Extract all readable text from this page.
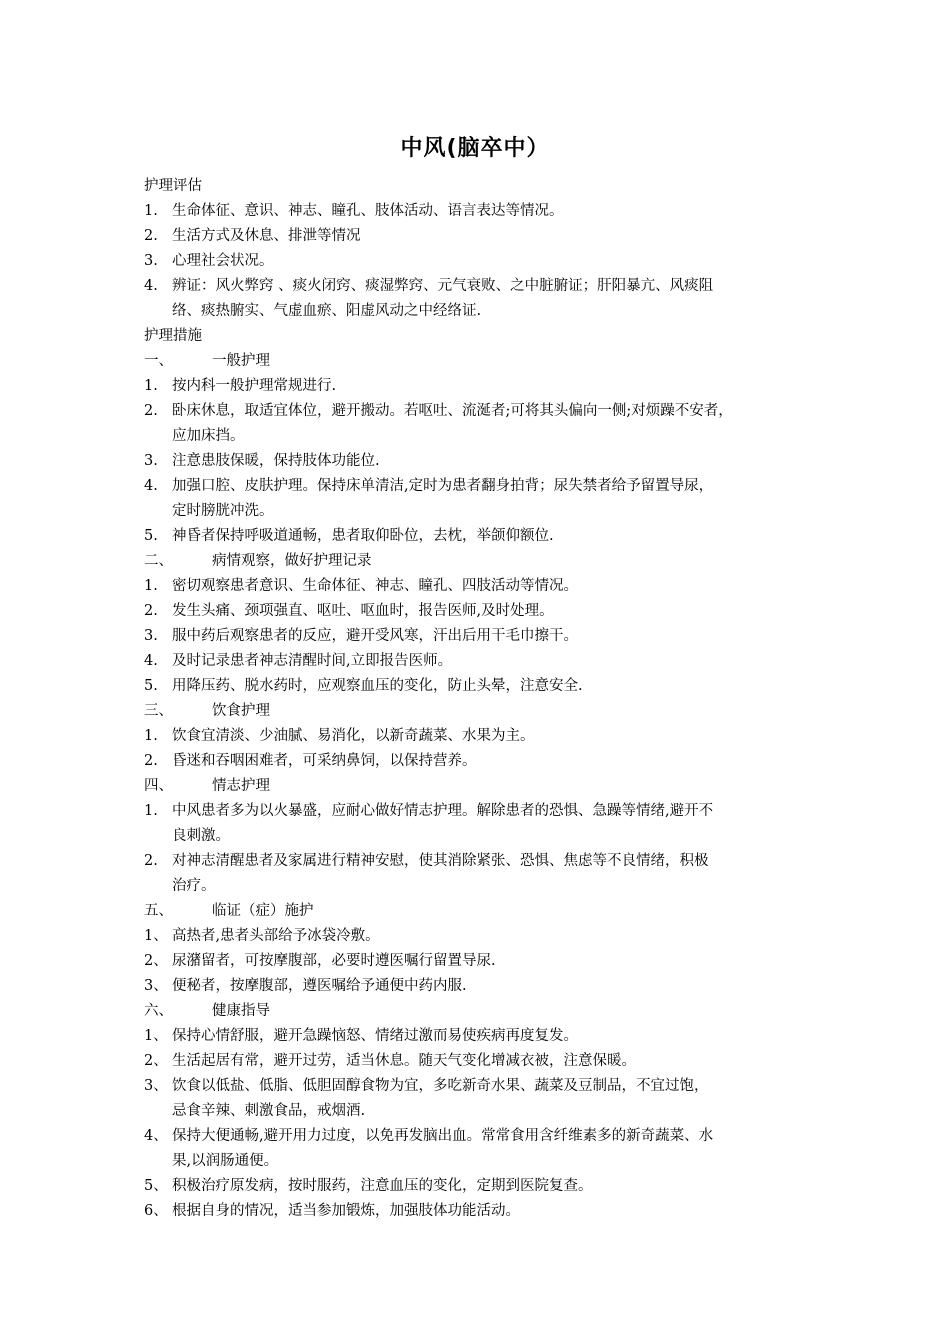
中风(脑卒中）
护理评估
1. 生命体征、意识、神志、瞳孔、肢体活动、语言表达等情况。
2. 生活方式及休息、排泄等情况
3. 心理社会状况。
4. 辨证：风火弊窍 、痰火闭窍、痰湿弊窍、元气衰败、之中脏腑证；肝阳暴亢、风痰阻
络、痰热腑实、气虚血瘀、阳虚风动之中经络证.
护理措施
一、	一般护理
1. 按内科一般护理常规进行.
2. 卧床休息，取适宜体位，避开搬动。若呕吐、流涎者;可将其头偏向一侧;对烦躁不安者，
应加床挡。
3. 注意患肢保暖，保持肢体功能位.
4. 加强口腔、皮肤护理。保持床单清洁,定时为患者翻身拍背；尿失禁者给予留置导尿，
定时膀胱冲洗。
5. 神昏者保持呼吸道通畅，患者取仰卧位，去枕，举颌仰额位.
二、	病情观察，做好护理记录
1. 密切观察患者意识、生命体征、神志、瞳孔、四肢活动等情况。
2. 发生头痛、颈项强直、呕吐、呕血时，报告医师,及时处理。
3. 服中药后观察患者的反应，避开受风寒，汗出后用干毛巾擦干。
4. 及时记录患者神志清醒时间,立即报告医师。
5. 用降压药、脱水药时，应观察血压的变化，防止头晕，注意安全.
三、	饮食护理
1. 饮食宜清淡、少油腻、易消化，以新奇蔬菜、水果为主。
2. 昏迷和吞咽困难者，可采纳鼻饲，以保持营养。
四、	情志护理
1. 中风患者多为以火暴盛，应耐心做好情志护理。解除患者的恐惧、急躁等情绪,避开不
良刺激。
2. 对神志清醒患者及家属进行精神安慰，使其消除紧张、恐惧、焦虑等不良情绪，积极
治疗。
五、	临证（症）施护
1、 高热者,患者头部给予冰袋冷敷。
2、 尿潴留者，可按摩腹部，必要时遵医嘱行留置导尿.
3、 便秘者，按摩腹部，遵医嘱给予通便中药内服.
六、	健康指导
1、 保持心情舒服，避开急躁恼怒、情绪过激而易使疾病再度复发。
2、 生活起居有常，避开过劳，适当休息。随天气变化增减衣被，注意保暖。
3、 饮食以低盐、低脂、低胆固醇食物为宜，多吃新奇水果、蔬菜及豆制品，不宜过饱，
忌食辛辣、刺激食品，戒烟酒.
4、 保持大便通畅,避开用力过度，以免再发脑出血。常常食用含纤维素多的新奇蔬菜、水
果,以润肠通便。
5、 积极治疗原发病，按时服药，注意血压的变化，定期到医院复查。
6、 根据自身的情况，适当参加锻炼，加强肢体功能活动。
